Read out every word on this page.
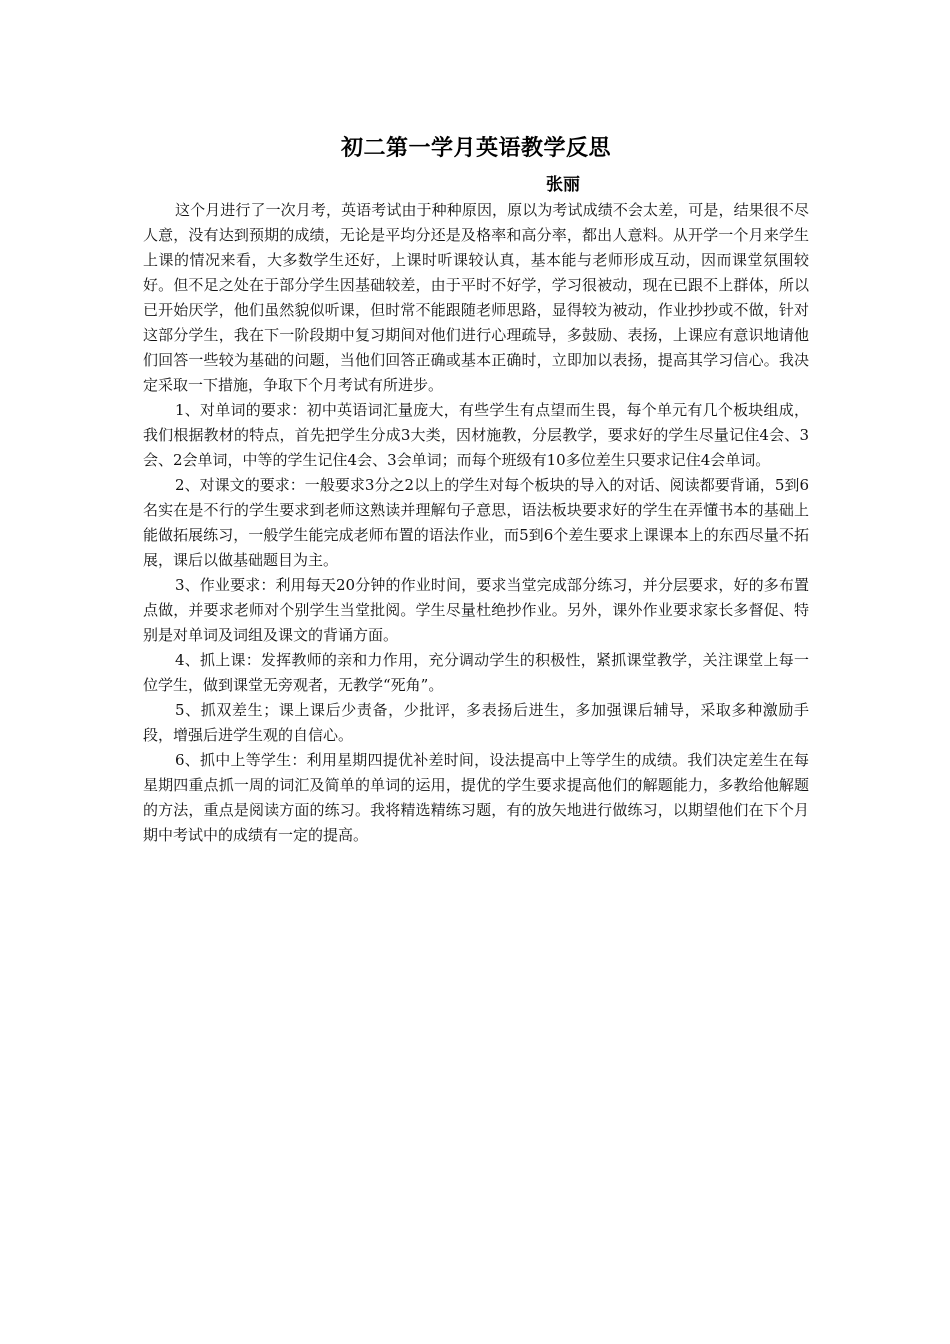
初二第一学月英语教学反思
张丽

这个月进行了一次月考，英语考试由于种种原因，原以为考试成绩不会太差，可是，结果很不尽人意，没有达到预期的成绩，无论是平均分还是及格率和高分率，都出人意料。从开学一个月来学生上课的情况来看，大多数学生还好，上课时听课较认真，基本能与老师形成互动，因而课堂氛围较好。但不足之处在于部分学生因基础较差，由于平时不好学，学习很被动，现在已跟不上群体，所以已开始厌学，他们虽然貌似听课，但时常不能跟随老师思路，显得较为被动，作业抄抄或不做，针对这部分学生，我在下一阶段期中复习期间对他们进行心理疏导，多鼓励、表扬，上课应有意识地请他们回答一些较为基础的问题，当他们回答正确或基本正确时，立即加以表扬，提高其学习信心。我决定采取一下措施，争取下个月考试有所进步。

1、对单词的要求：初中英语词汇量庞大，有些学生有点望而生畏，每个单元有几个板块组成，我们根据教材的特点，首先把学生分成3大类，因材施教，分层教学，要求好的学生尽量记住4会、3会、2会单词，中等的学生记住4会、3会单词；而每个班级有10多位差生只要求记住4会单词。

2、对课文的要求：一般要求3分之2以上的学生对每个板块的导入的对话、阅读都要背诵，5到6名实在是不行的学生要求到老师这熟读并理解句子意思，语法板块要求好的学生在弄懂书本的基础上能做拓展练习，一般学生能完成老师布置的语法作业，而5到6个差生要求上课课本上的东西尽量不拓展，课后以做基础题目为主。

3、作业要求：利用每天20分钟的作业时间，要求当堂完成部分练习，并分层要求，好的多布置点做，并要求老师对个别学生当堂批阅。学生尽量杜绝抄作业。另外，课外作业要求家长多督促、特别是对单词及词组及课文的背诵方面。

4、抓上课：发挥教师的亲和力作用，充分调动学生的积极性，紧抓课堂教学，关注课堂上每一位学生，做到课堂无旁观者，无教学“死角”。

5、抓双差生；课上课后少责备，少批评，多表扬后进生，多加强课后辅导，采取多种激励手段，增强后进学生观的自信心。

6、抓中上等学生：利用星期四提优补差时间，设法提高中上等学生的成绩。我们决定差生在每星期四重点抓一周的词汇及简单的单词的运用，提优的学生要求提高他们的解题能力，多教给他解题的方法，重点是阅读方面的练习。我将精选精练习题，有的放矢地进行做练习，以期望他们在下个月期中考试中的成绩有一定的提高。
